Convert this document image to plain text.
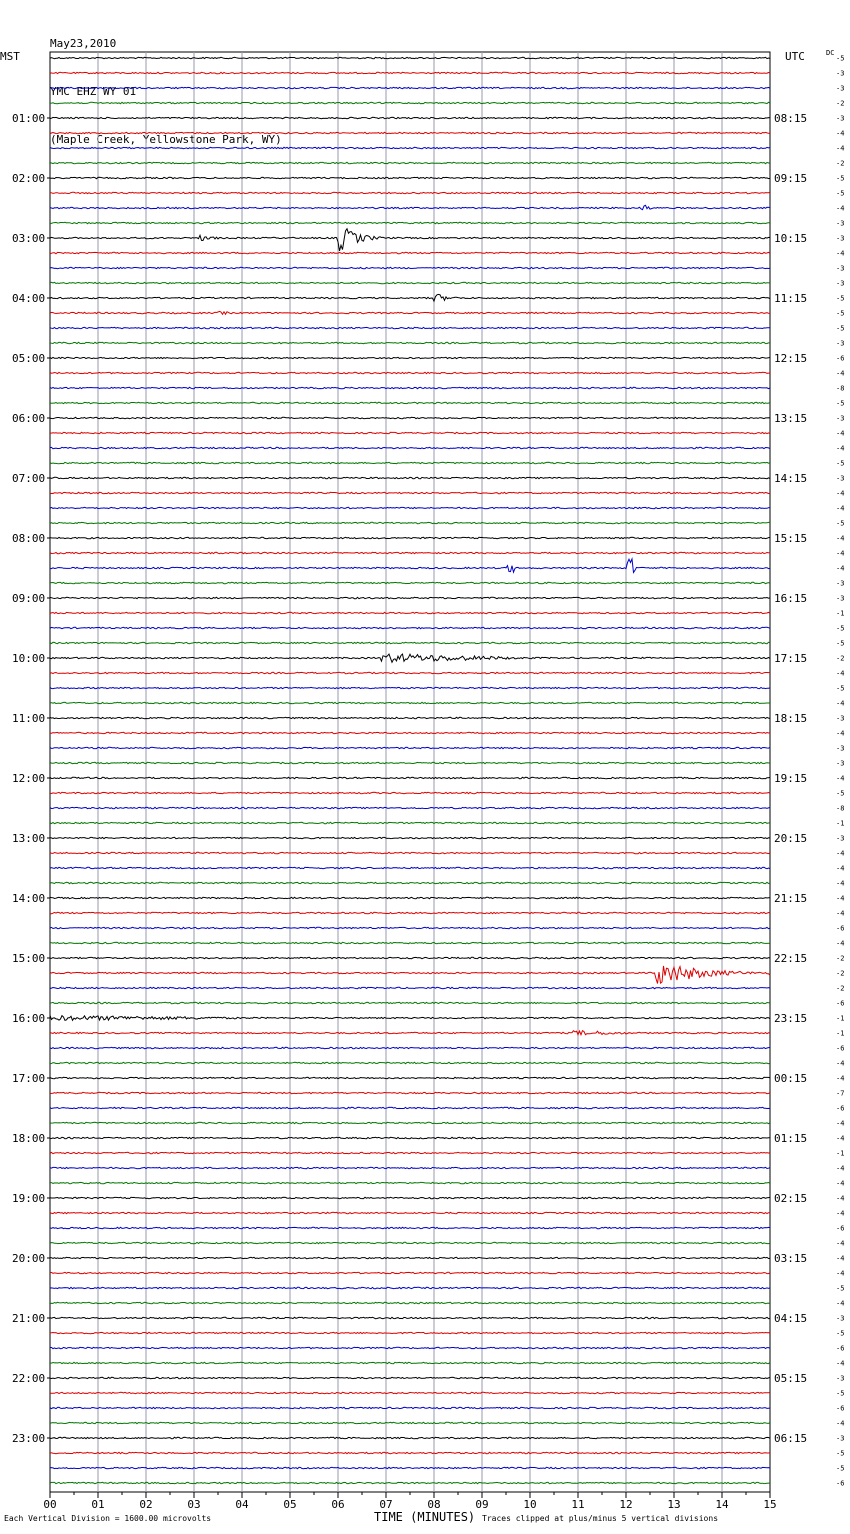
May23,2010

YMC EHZ WY 01

(Maple Creek, Yellowstone Park, WY)

MST	UTC	DC
00	01	02	03	04	05	06	07	08	09	10	11	12	13	14	15
-5
-3
-3
-2
-3
-4
-4
-2
-5
-5
-4
-3
-3
-4
-3
-3
-5
-5
-5
-3
-6
-4
-8
-5
-3
-4
-4
-5
-3
-4
-4
-5
-4
-4
-4
-3
-3
-1
-5
-5
-2
-4
-5
-4
-3
-4
-3
-3
-4
-5
-8
-1
-3
-4
-4
-4
-4
-4
-6
-4
-2
-2
-2
-6
-1
-1
-6
-4
-4
-7
-6
-4
-4
-1
-4
-4
-4
-4
-6
-4
-4
-4
-5
-4
-3
-5
-6
-4
-3
-5
-6
-4
-3
-5
-5
-6
01:00
02:00
03:00
04:00
05:00
06:00
07:00
08:00
09:00
10:00
11:00
12:00
13:00
14:00
15:00
16:00
17:00
18:00
19:00
20:00
21:00
22:00
23:00
08:15
09:15
10:15
11:15
12:15
13:15
14:15
15:15
16:15
17:15
18:15
19:15
20:15
21:15
22:15
23:15
00:15
01:15
02:15
03:15
04:15
05:15
06:15
TIME (MINUTES)
Each Vertical Division = 1600.00 microvolts	Traces clipped at plus/minus 5 vertical divisions
